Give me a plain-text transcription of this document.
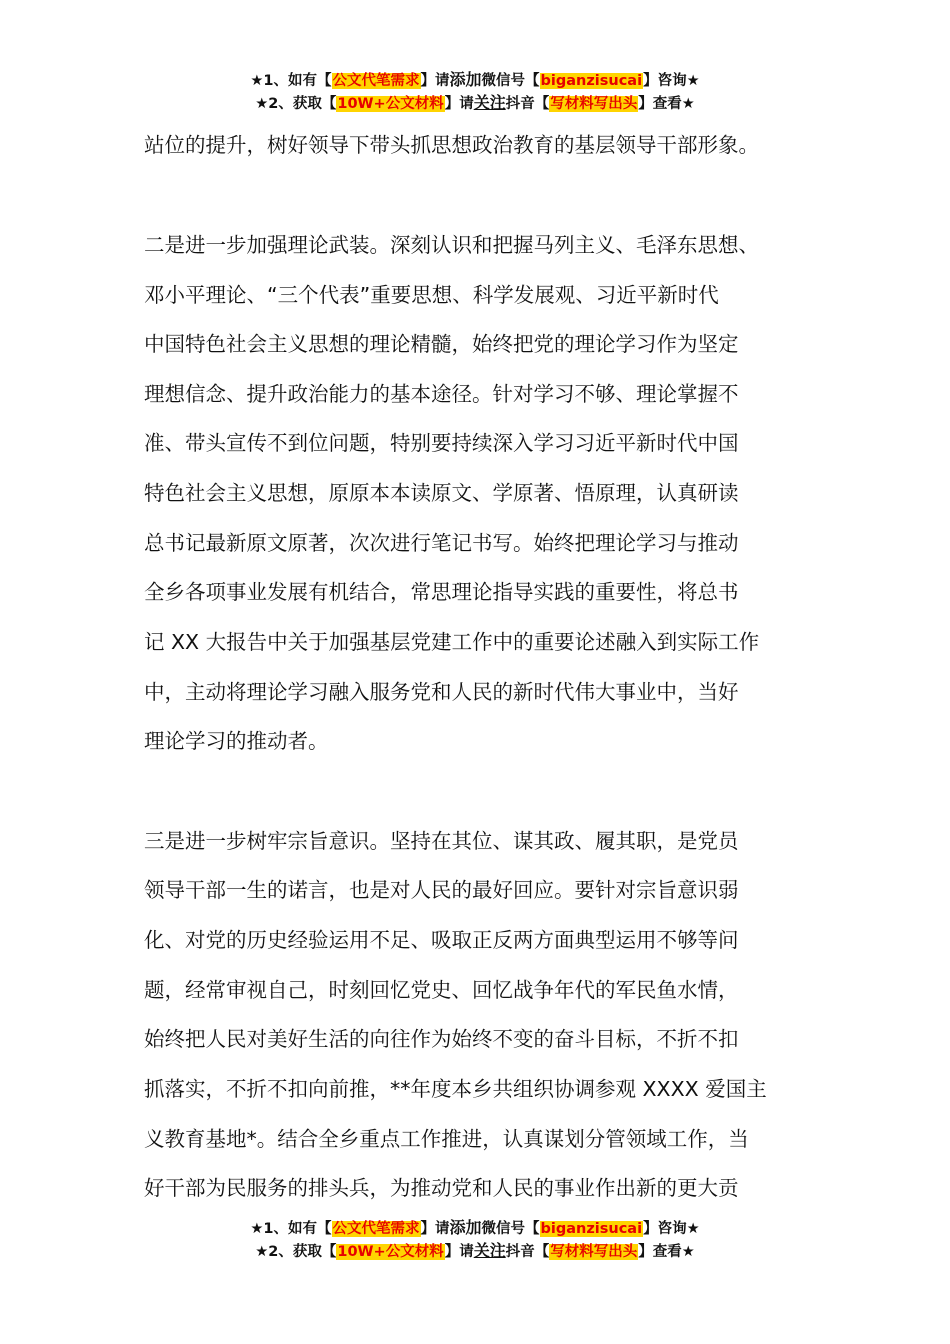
★1、如有【公文代笔需求】请添加微信号【biganzisucai】咨询★
★2、获取【10W+公文材料】请关注抖音【写材料写出头】查看★
站位的提升，树好领导下带头抓思想政治教育的基层领导干部形象。
二是进一步加强理论武装。深刻认识和把握马列主义、毛泽东思想、
邓小平理论、“三个代表”重要思想、科学发展观、习近平新时代
中国特色社会主义思想的理论精髓，始终把党的理论学习作为坚定
理想信念、提升政治能力的基本途径。针对学习不够、理论掌握不
准、带头宣传不到位问题，特别要持续深入学习习近平新时代中国
特色社会主义思想，原原本本读原文、学原著、悟原理，认真研读
总书记最新原文原著，次次进行笔记书写。始终把理论学习与推动
全乡各项事业发展有机结合，常思理论指导实践的重要性，将总书
记 XX 大报告中关于加强基层党建工作中的重要论述融入到实际工作
中，主动将理论学习融入服务党和人民的新时代伟大事业中，当好
理论学习的推动者。
三是进一步树牢宗旨意识。坚持在其位、谋其政、履其职，是党员
领导干部一生的诺言，也是对人民的最好回应。要针对宗旨意识弱
化、对党的历史经验运用不足、吸取正反两方面典型运用不够等问
题，经常审视自己，时刻回忆党史、回忆战争年代的军民鱼水情，
始终把人民对美好生活的向往作为始终不变的奋斗目标，不折不扣
抓落实，不折不扣向前推，**年度本乡共组织协调参观 XXXX 爱国主
义教育基地*。结合全乡重点工作推进，认真谋划分管领域工作，当
好干部为民服务的排头兵，为推动党和人民的事业作出新的更大贡
★1、如有【公文代笔需求】请添加微信号【biganzisucai】咨询★
★2、获取【10W+公文材料】请关注抖音【写材料写出头】查看★
